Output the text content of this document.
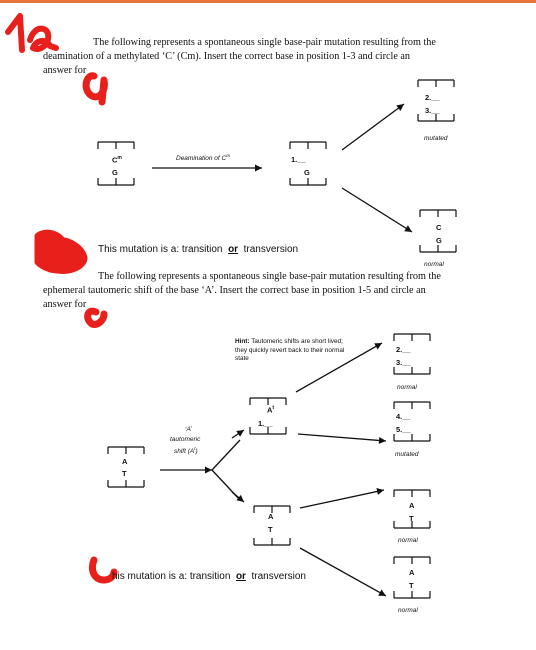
The following represents a spontaneous single base-pair mutation resulting from the
deamination of a methylated ‘C’ (Cm). Insert the correct base in position 1-3 and circle an
answer for
$C^m$
G
Deamination of $C^m$	1.__
G
2.__
3.__
mutated
C
G
normal
This mutation is a: transition or transversion
The following represents a spontaneous single base-pair mutation resulting from the
ephemeral tautomeric shift of the base ‘A’. Insert the correct base in position 1-5 and circle an
answer for
Hint: Tautomeric shifts are short lived; they quickly revert back to their normal state
‘A’
tautomeric
shift $(A^t)$
A
T
$A^t$
1.__
2.__
3.__
normal
4.__
5.__
mutated
A
T
A
T
normal
A
T
normal
his mutation is a: transition or transversion
